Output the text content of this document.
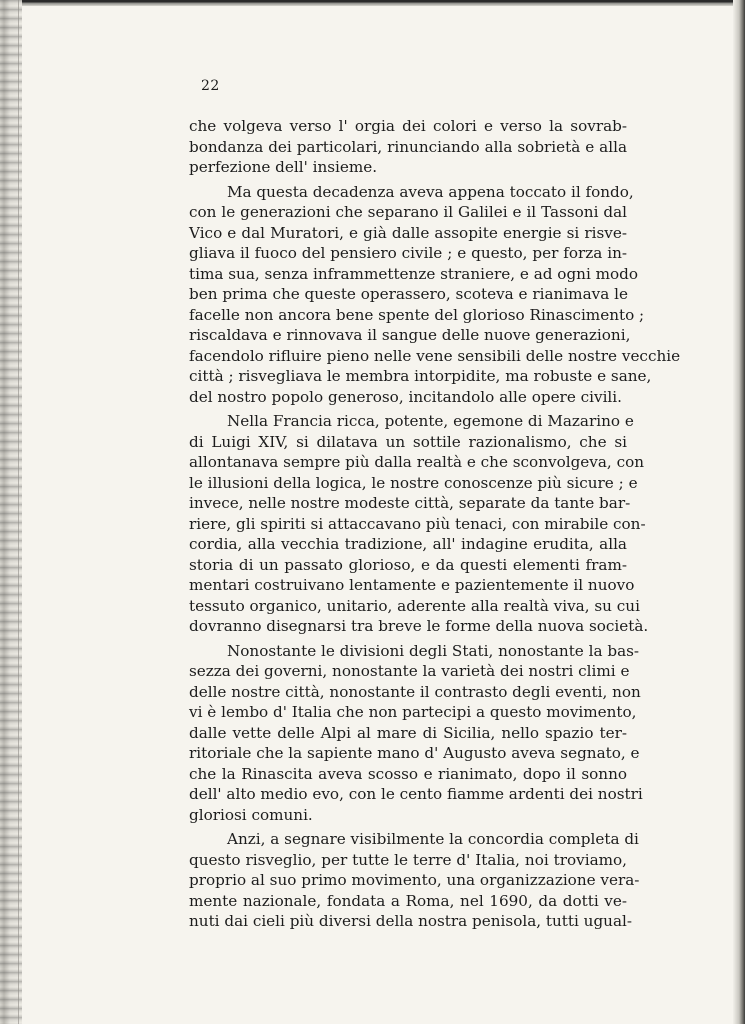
22
che volgeva verso l' orgia dei colori e verso la sovrab-
bondanza dei particolari, rinunciando alla sobrietà e alla
perfezione dell' insieme.
Ma questa decadenza aveva appena toccato il fondo,
con le generazioni che separano il Galilei e il Tassoni dal
Vico e dal Muratori, e già dalle assopite energie si risve-
gliava il fuoco del pensiero civile ; e questo, per forza in-
tima sua, senza inframmettenze straniere, e ad ogni modo
ben prima che queste operassero, scoteva e rianimava le
facelle non ancora bene spente del glorioso Rinascimento ;
riscaldava e rinnovava il sangue delle nuove generazioni,
facendolo rifluire pieno nelle vene sensibili delle nostre vecchie
città ; risvegliava le membra intorpidite, ma robuste e sane,
del nostro popolo generoso, incitandolo alle opere civili.
Nella Francia ricca, potente, egemone di Mazarino e
di Luigi XIV, si dilatava un sottile razionalismo, che si
allontanava sempre più dalla realtà e che sconvolgeva, con
le illusioni della logica, le nostre conoscenze più sicure ; e
invece, nelle nostre modeste città, separate da tante bar-
riere, gli spiriti si attaccavano più tenaci, con mirabile con-
cordia, alla vecchia tradizione, all' indagine erudita, alla
storia di un passato glorioso, e da questi elementi fram-
mentari costruivano lentamente e pazientemente il nuovo
tessuto organico, unitario, aderente alla realtà viva, su cui
dovranno disegnarsi tra breve le forme della nuova società.
Nonostante le divisioni degli Stati, nonostante la bas-
sezza dei governi, nonostante la varietà dei nostri climi e
delle nostre città, nonostante il contrasto degli eventi, non
vi è lembo d' Italia che non partecipi a questo movimento,
dalle vette delle Alpi al mare di Sicilia, nello spazio ter-
ritoriale che la sapiente mano d' Augusto aveva segnato, e
che la Rinascita aveva scosso e rianimato, dopo il sonno
dell' alto medio evo, con le cento fiamme ardenti dei nostri
gloriosi comuni.
Anzi, a segnare visibilmente la concordia completa di
questo risveglio, per tutte le terre d' Italia, noi troviamo,
proprio al suo primo movimento, una organizzazione vera-
mente nazionale, fondata a Roma, nel 1690, da dotti ve-
nuti dai cieli più diversi della nostra penisola, tutti ugual-
